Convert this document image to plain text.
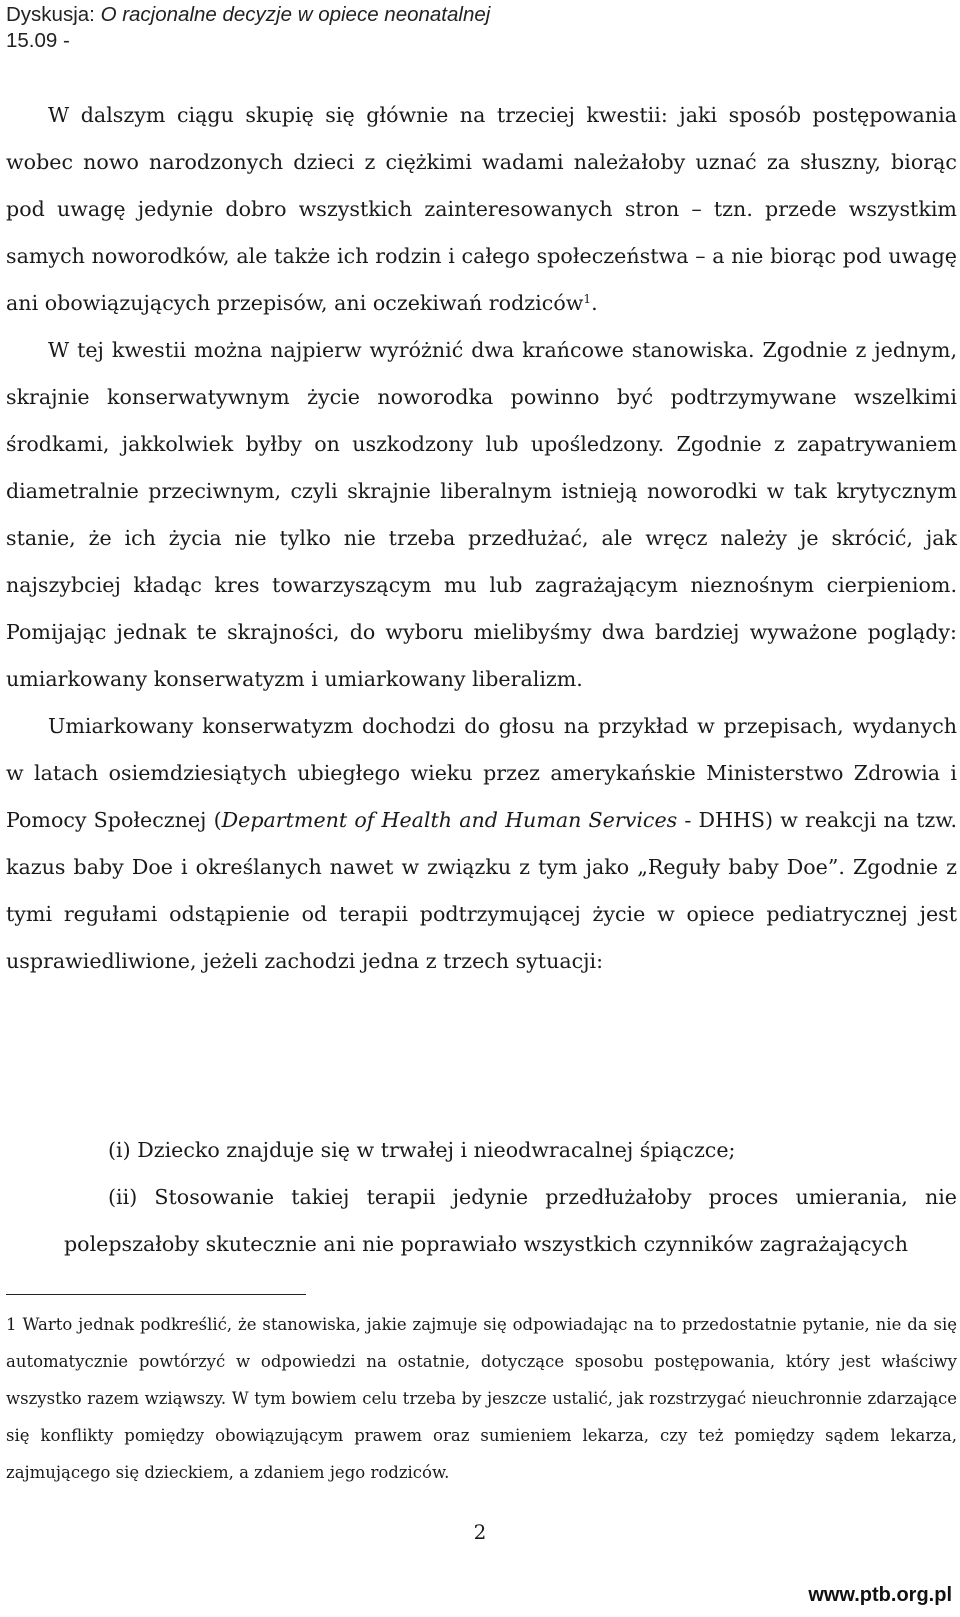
Dyskusja: O racjonalne decyzje w opiece neonatalnej
15.09 -

W dalszym ciągu skupię się głównie na trzeciej kwestii: jaki sposób postępowania wobec nowo narodzonych dzieci z ciężkimi wadami należałoby uznać za słuszny, biorąc pod uwagę jedynie dobro wszystkich zainteresowanych stron – tzn. przede wszystkim samych noworodków, ale także ich rodzin i całego społeczeństwa – a nie biorąc pod uwagę ani obowiązujących przepisów, ani oczekiwań rodziców$^1$.

W tej kwestii można najpierw wyróżnić dwa krańcowe stanowiska. Zgodnie z jednym, skrajnie konserwatywnym życie noworodka powinno być podtrzymywane wszelkimi środkami, jakkolwiek byłby on uszkodzony lub upośledzony. Zgodnie z zapatrywaniem diametralnie przeciwnym, czyli skrajnie liberalnym istnieją noworodki w tak krytycznym stanie, że ich życia nie tylko nie trzeba przedłużać, ale wręcz należy je skrócić, jak najszybciej kładąc kres towarzyszącym mu lub zagrażającym nieznośnym cierpieniom. Pomijając jednak te skrajności, do wyboru mielibyśmy dwa bardziej wyważone poglądy: umiarkowany konserwatyzm i umiarkowany liberalizm.

Umiarkowany konserwatyzm dochodzi do głosu na przykład w przepisach, wydanych w latach osiemdziesiątych ubiegłego wieku przez amerykańskie Ministerstwo Zdrowia i Pomocy Społecznej (Department of Health and Human Services - DHHS) w reakcji na tzw. kazus baby Doe i określanych nawet w związku z tym jako „Reguły baby Doe”. Zgodnie z tymi regułami odstąpienie od terapii podtrzymującej życie w opiece pediatrycznej jest usprawiedliwione, jeżeli zachodzi jedna z trzech sytuacji:

(i) Dziecko znajduje się w trwałej i nieodwracalnej śpiączce;

(ii) Stosowanie takiej terapii jedynie przedłużałoby proces umierania, nie polepszałoby skutecznie ani nie poprawiało wszystkich czynników zagrażających

1 Warto jednak podkreślić, że stanowiska, jakie zajmuje się odpowiadając na to przedostatnie pytanie, nie da się automatycznie powtórzyć w odpowiedzi na ostatnie, dotyczące sposobu postępowania, który jest właściwy wszystko razem wziąwszy. W tym bowiem celu trzeba by jeszcze ustalić, jak rozstrzygać nieuchronnie zdarzające się konflikty pomiędzy obowiązującym prawem oraz sumieniem lekarza, czy też pomiędzy sądem lekarza, zajmującego się dzieckiem, a zdaniem jego rodziców.

2
www.ptb.org.pl
